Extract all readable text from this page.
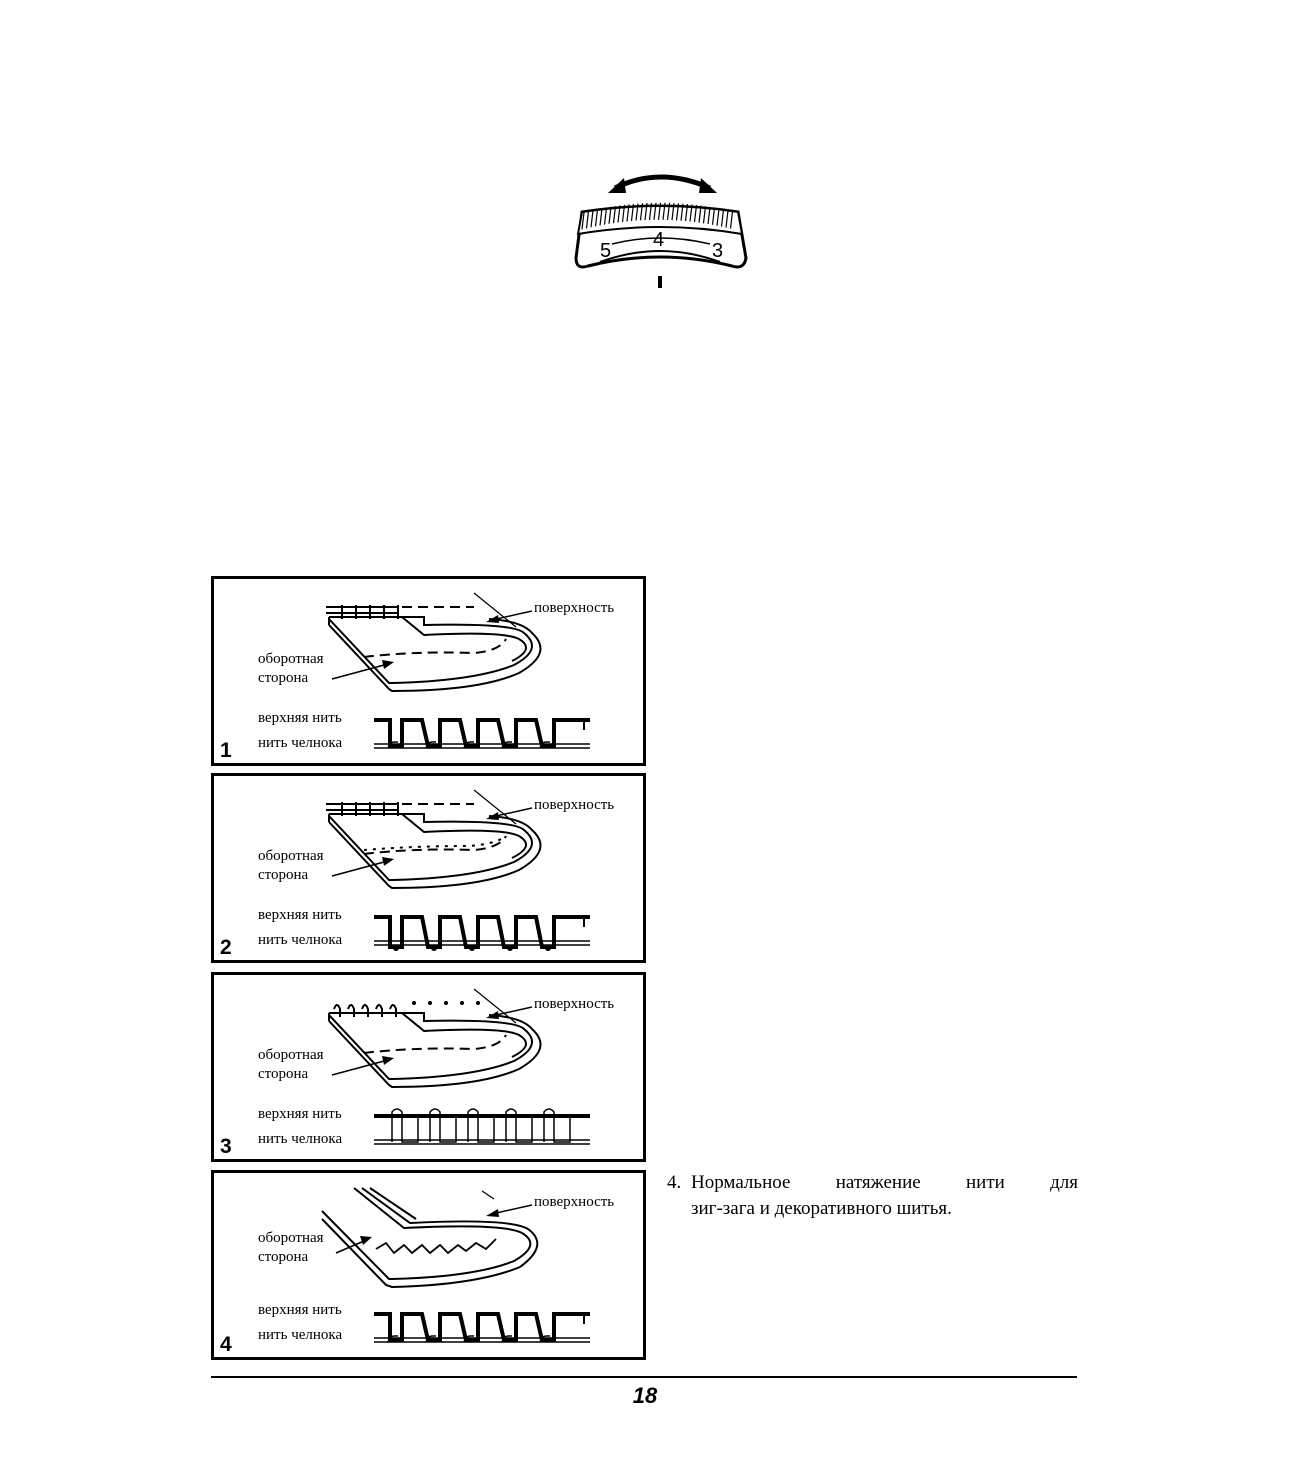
5 4 3
поверхность
оборотная
сторона
верхняя нить
нить челнока
1
поверхность
оборотная
сторона
верхняя нить
нить челнока
2
поверхность
оборотная
сторона
верхняя нить
нить челнока
3
поверхность
оборотная
сторона
верхняя нить
нить челнока
4
4. Нормальное натяжение нити для
зиг-зага и декоративного шитья.
18
